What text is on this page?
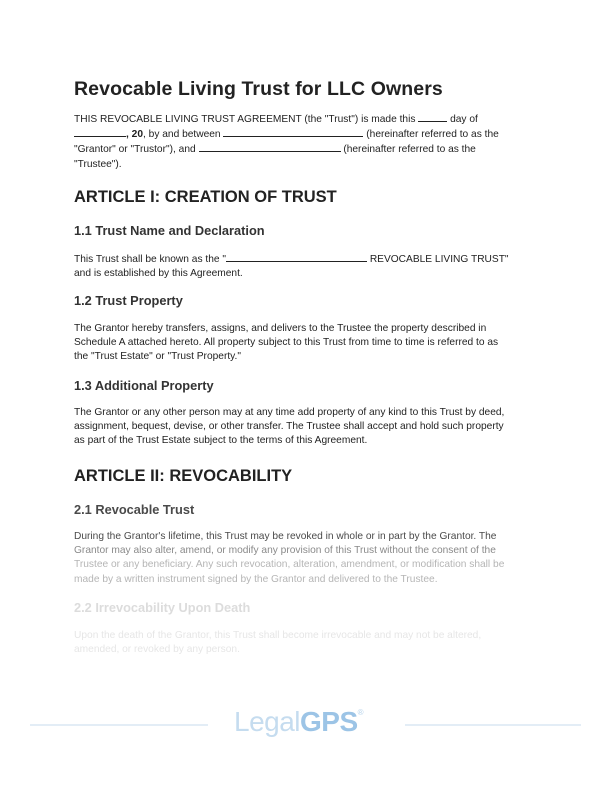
Revocable Living Trust for LLC Owners
THIS REVOCABLE LIVING TRUST AGREEMENT (the "Trust") is made this	day of
, 20, by and between	(hereinafter referred to as the
"Grantor" or "Trustor"), and	(hereinafter referred to as the
"Trustee").
ARTICLE I: CREATION OF TRUST
1.1 Trust Name and Declaration
This Trust shall be known as the "	REVOCABLE LIVING TRUST"
and is established by this Agreement.
1.2 Trust Property
The Grantor hereby transfers, assigns, and delivers to the Trustee the property described in
Schedule A attached hereto. All property subject to this Trust from time to time is referred to as
the "Trust Estate" or "Trust Property."
1.3 Additional Property
The Grantor or any other person may at any time add property of any kind to this Trust by deed,
assignment, bequest, devise, or other transfer. The Trustee shall accept and hold such property
as part of the Trust Estate subject to the terms of this Agreement.
ARTICLE II: REVOCABILITY
2.1 Revocable Trust
During the Grantor's lifetime, this Trust may be revoked in whole or in part by the Grantor. The
Grantor may also alter, amend, or modify any provision of this Trust without the consent of the
Trustee or any beneficiary. Any such revocation, alteration, amendment, or modification shall be
made by a written instrument signed by the Grantor and delivered to the Trustee.
2.2 Irrevocability Upon Death
Upon the death of the Grantor, this Trust shall become irrevocable and may not be altered,
amended, or revoked by any person.
LegalGPS®
